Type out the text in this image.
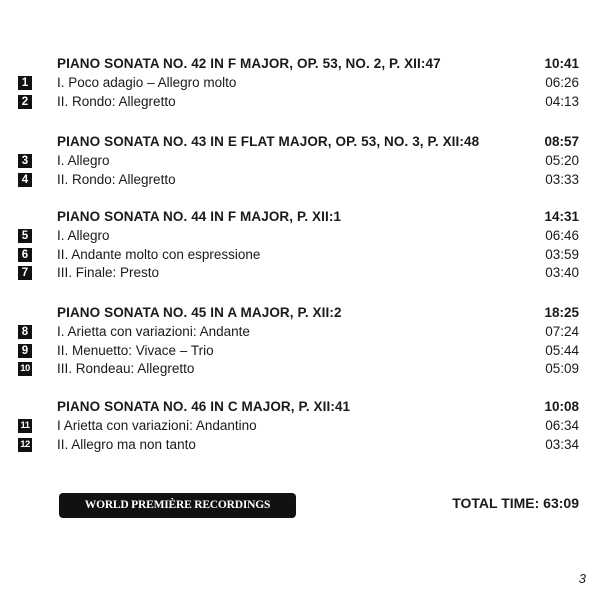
PIANO SONATA NO. 42 IN F MAJOR, OP. 53, NO. 2, P. XII:47	10:41
1 I. Poco adagio – Allegro molto	06:26
2 II. Rondo: Allegretto	04:13
PIANO SONATA NO. 43 IN E FLAT MAJOR, OP. 53, NO. 3, P. XII:48	08:57
3 I. Allegro	05:20
4 II. Rondo: Allegretto	03:33
PIANO SONATA NO. 44 IN F MAJOR, P. XII:1	14:31
5 I. Allegro	06:46
6 II. Andante molto con espressione	03:59
7 III. Finale: Presto	03:40
PIANO SONATA NO. 45 IN A MAJOR, P. XII:2	18:25
8 I. Arietta con variazioni: Andante	07:24
9 II. Menuetto: Vivace – Trio	05:44
10 III. Rondeau: Allegretto	05:09
PIANO SONATA NO. 46 IN C MAJOR, P. XII:41	10:08
11 I Arietta con variazioni: Andantino	06:34
12 II. Allegro ma non tanto	03:34
WORLD PREMIÈRE RECORDINGS	TOTAL TIME: 63:09
3
